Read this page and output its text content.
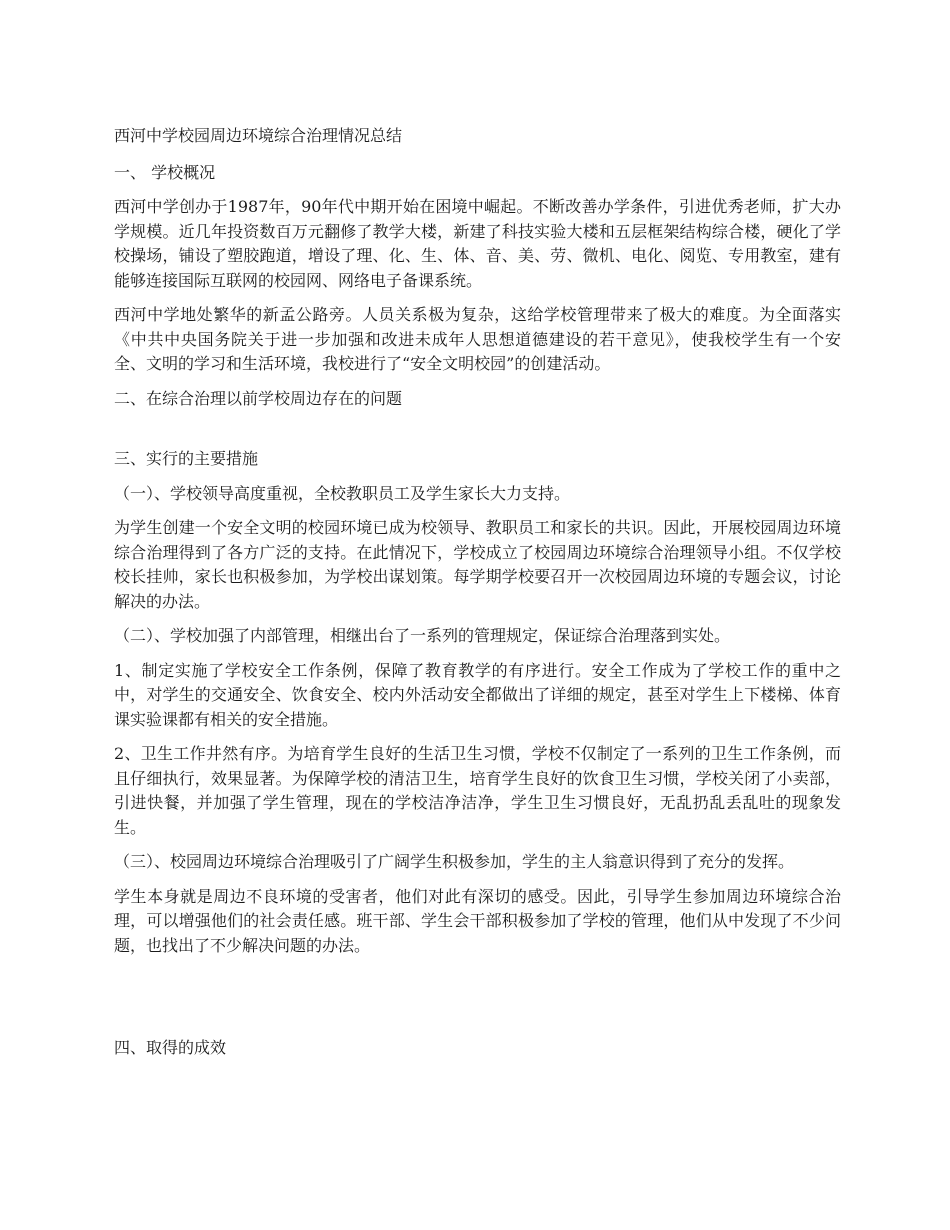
西河中学校园周边环境综合治理情况总结

一、 学校概况

西河中学创办于1987年，90年代中期开始在困境中崛起。不断改善办学条件，引进优秀老师，扩大办学规模。近几年投资数百万元翻修了教学大楼，新建了科技实验大楼和五层框架结构综合楼，硬化了学校操场，铺设了塑胶跑道，增设了理、化、生、体、音、美、劳、微机、电化、阅览、专用教室，建有能够连接国际互联网的校园网、网络电子备课系统。

西河中学地处繁华的新孟公路旁。人员关系极为复杂，这给学校管理带来了极大的难度。为全面落实《中共中央国务院关于进一步加强和改进未成年人思想道德建设的若干意见》，使我校学生有一个安全、文明的学习和生活环境，我校进行了“安全文明校园”的创建活动。

二、在综合治理以前学校周边存在的问题

三、实行的主要措施

（一）、学校领导高度重视，全校教职员工及学生家长大力支持。

为学生创建一个安全文明的校园环境已成为校领导、教职员工和家长的共识。因此，开展校园周边环境综合治理得到了各方广泛的支持。在此情况下，学校成立了校园周边环境综合治理领导小组。不仅学校校长挂帅，家长也积极参加，为学校出谋划策。每学期学校要召开一次校园周边环境的专题会议，讨论解决的办法。

（二）、学校加强了内部管理，相继出台了一系列的管理规定，保证综合治理落到实处。

1、制定实施了学校安全工作条例，保障了教育教学的有序进行。安全工作成为了学校工作的重中之中，对学生的交通安全、饮食安全、校内外活动安全都做出了详细的规定，甚至对学生上下楼梯、体育课实验课都有相关的安全措施。

2、卫生工作井然有序。为培育学生良好的生活卫生习惯，学校不仅制定了一系列的卫生工作条例，而且仔细执行，效果显著。为保障学校的清洁卫生，培育学生良好的饮食卫生习惯，学校关闭了小卖部，引进快餐，并加强了学生管理，现在的学校洁净洁净，学生卫生习惯良好，无乱扔乱丢乱吐的现象发生。

（三）、校园周边环境综合治理吸引了广阔学生积极参加，学生的主人翁意识得到了充分的发挥。

学生本身就是周边不良环境的受害者，他们对此有深切的感受。因此，引导学生参加周边环境综合治理，可以增强他们的社会责任感。班干部、学生会干部积极参加了学校的管理，他们从中发现了不少问题，也找出了不少解决问题的办法。

四、取得的成效
